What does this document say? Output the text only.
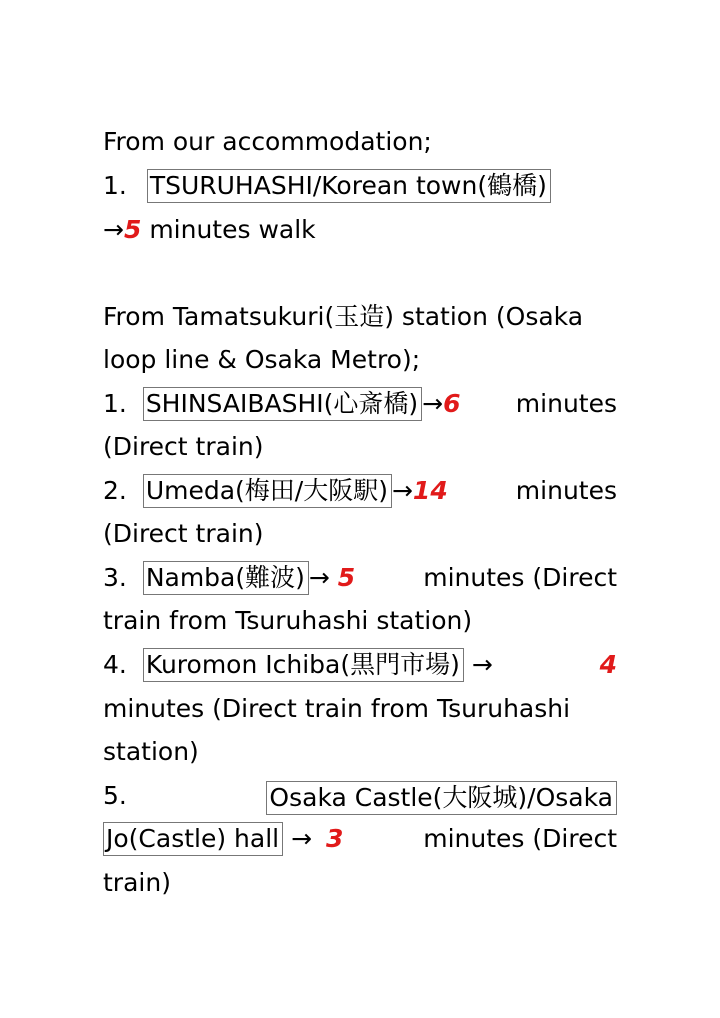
From our accommodation;
1. TSURUHASHI/Korean town(鶴橋)
→5 minutes walk
From Tamatsukuri(玉造) station (Osaka
loop line & Osaka Metro);
1. SHINSAIBASHI(心斎橋) →6 minutes
(Direct train)
2. Umeda(梅田/大阪駅) →14	minutes
(Direct train)
3. Namba(難波) → 5	minutes (Direct
train from Tsuruhashi station)
4. Kuromon Ichiba(黒門市場) →	4
minutes (Direct train from Tsuruhashi
station)
5.	Osaka Castle(大阪城)/Osaka
Jo(Castle) hall → 3	minutes (Direct
train)
